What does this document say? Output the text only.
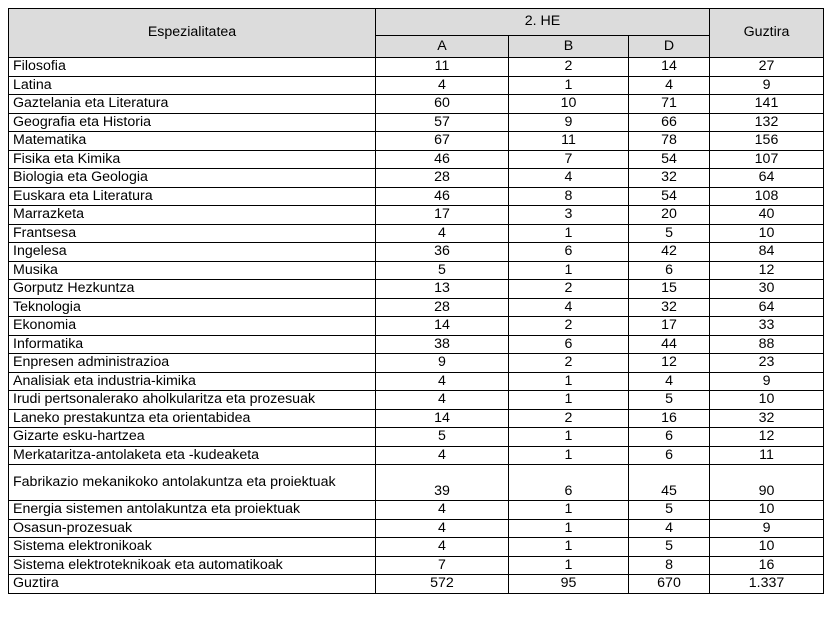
Espezialitatea	2. HE			Guztira
	A	B	D	
Filosofia	11	2	14	27
Latina	4	1	4	9
Gaztelania eta Literatura	60	10	71	141
Geografia eta Historia	57	9	66	132
Matematika	67	11	78	156
Fisika eta Kimika	46	7	54	107
Biologia eta Geologia	28	4	32	64
Euskara eta Literatura	46	8	54	108
Marrazketa	17	3	20	40
Frantsesa	4	1	5	10
Ingelesa	36	6	42	84
Musika	5	1	6	12
Gorputz Hezkuntza	13	2	15	30
Teknologia	28	4	32	64
Ekonomia	14	2	17	33
Informatika	38	6	44	88
Enpresen administrazioa	9	2	12	23
Analisiak eta industria-kimika	4	1	4	9
Irudi pertsonalerako aholkularitza eta prozesuak	4	1	5	10
Laneko prestakuntza eta orientabidea	14	2	16	32
Gizarte esku-hartzea	5	1	6	12
Merkataritza-antolaketa eta -kudeaketa	4	1	6	11

Fabrikazio mekanikoko antolakuntza eta proiektuak	39	6	45	90
Energia sistemen antolakuntza eta proiektuak	4	1	5	10
Osasun-prozesuak	4	1	4	9
Sistema elektronikoak	4	1	5	10
Sistema elektroteknikoak eta automatikoak	7	1	8	16
Guztira	572	95	670	1.337
